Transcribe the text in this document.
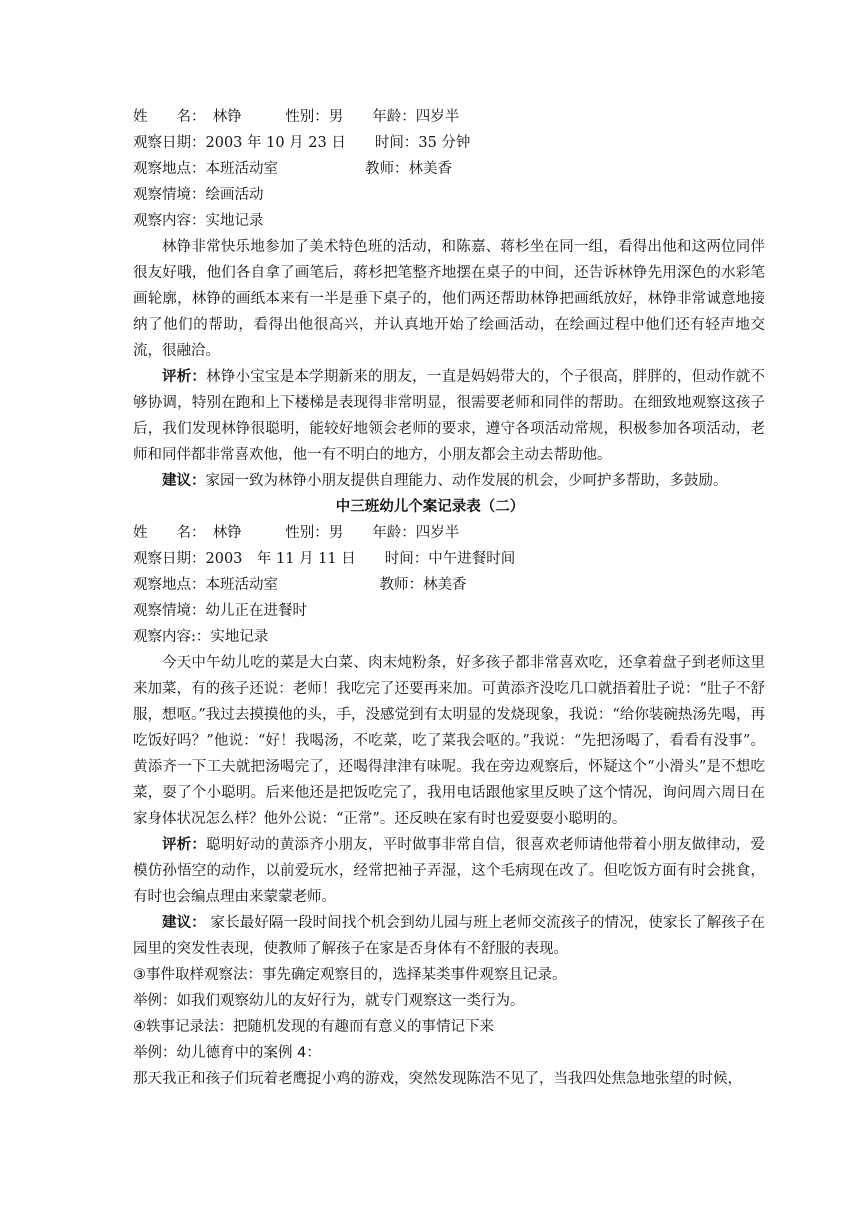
姓　　名：　林铮　　　性别：男　　年龄：四岁半
观察日期：2003 年 10 月 23 日　　时间：35 分钟
观察地点：本班活动室　　　　　　教师：林美香
观察情境：绘画活动
观察内容：实地记录
林铮非常快乐地参加了美术特色班的活动，和陈嘉、蒋杉坐在同一组，看得出他和这两位同伴很友好哦，他们各自拿了画笔后，蒋杉把笔整齐地摆在桌子的中间，还告诉林铮先用深色的水彩笔画轮廓，林铮的画纸本来有一半是垂下桌子的，他们两还帮助林铮把画纸放好，林铮非常诚意地接纳了他们的帮助，看得出他很高兴，并认真地开始了绘画活动，在绘画过程中他们还有轻声地交流，很融洽。
评析：林铮小宝宝是本学期新来的朋友，一直是妈妈带大的，个子很高，胖胖的，但动作就不够协调，特别在跑和上下楼梯是表现得非常明显，很需要老师和同伴的帮助。在细致地观察这孩子后，我们发现林铮很聪明，能较好地领会老师的要求，遵守各项活动常规，积极参加各项活动，老师和同伴都非常喜欢他，他一有不明白的地方，小朋友都会主动去帮助他。
建议：家园一致为林铮小朋友提供自理能力、动作发展的机会，少呵护多帮助，多鼓励。
中三班幼儿个案记录表（二）
姓　　名：　林铮　　　性别：男　　年龄：四岁半
观察日期：2003　年 11 月 11 日　　时间：中午进餐时间
观察地点：本班活动室　　　　　　　教师：林美香
观察情境：幼儿正在进餐时
观察内容:：实地记录
今天中午幼儿吃的菜是大白菜、肉末炖粉条，好多孩子都非常喜欢吃，还拿着盘子到老师这里来加菜，有的孩子还说：老师！我吃完了还要再来加。可黄添齐没吃几口就捂着肚子说：“肚子不舒服，想呕。”我过去摸摸他的头，手，没感觉到有太明显的发烧现象，我说：“给你装碗热汤先喝，再吃饭好吗？”他说：“好！我喝汤，不吃菜，吃了菜我会呕的。”我说：“先把汤喝了，看看有没事”。黄添齐一下工夫就把汤喝完了，还喝得津津有味呢。我在旁边观察后，怀疑这个“小滑头”是不想吃菜，耍了个小聪明。后来他还是把饭吃完了，我用电话跟他家里反映了这个情况，询问周六周日在家身体状况怎么样？他外公说：“正常”。还反映在家有时也爱耍耍小聪明的。
评析：聪明好动的黄添齐小朋友，平时做事非常自信，很喜欢老师请他带着小朋友做律动，爱模仿孙悟空的动作，以前爱玩水，经常把袖子弄湿，这个毛病现在改了。但吃饭方面有时会挑食，有时也会编点理由来蒙蒙老师。
建议： 家长最好隔一段时间找个机会到幼儿园与班上老师交流孩子的情况，使家长了解孩子在园里的突发性表现，使教师了解孩子在家是否身体有不舒服的表现。
③事件取样观察法：事先确定观察目的，选择某类事件观察且记录。
举例：如我们观察幼儿的友好行为，就专门观察这一类行为。
④轶事记录法：把随机发现的有趣而有意义的事情记下来
举例：幼儿德育中的案例 4：
那天我正和孩子们玩着老鹰捉小鸡的游戏，突然发现陈浩不见了，当我四处焦急地张望的时候，
